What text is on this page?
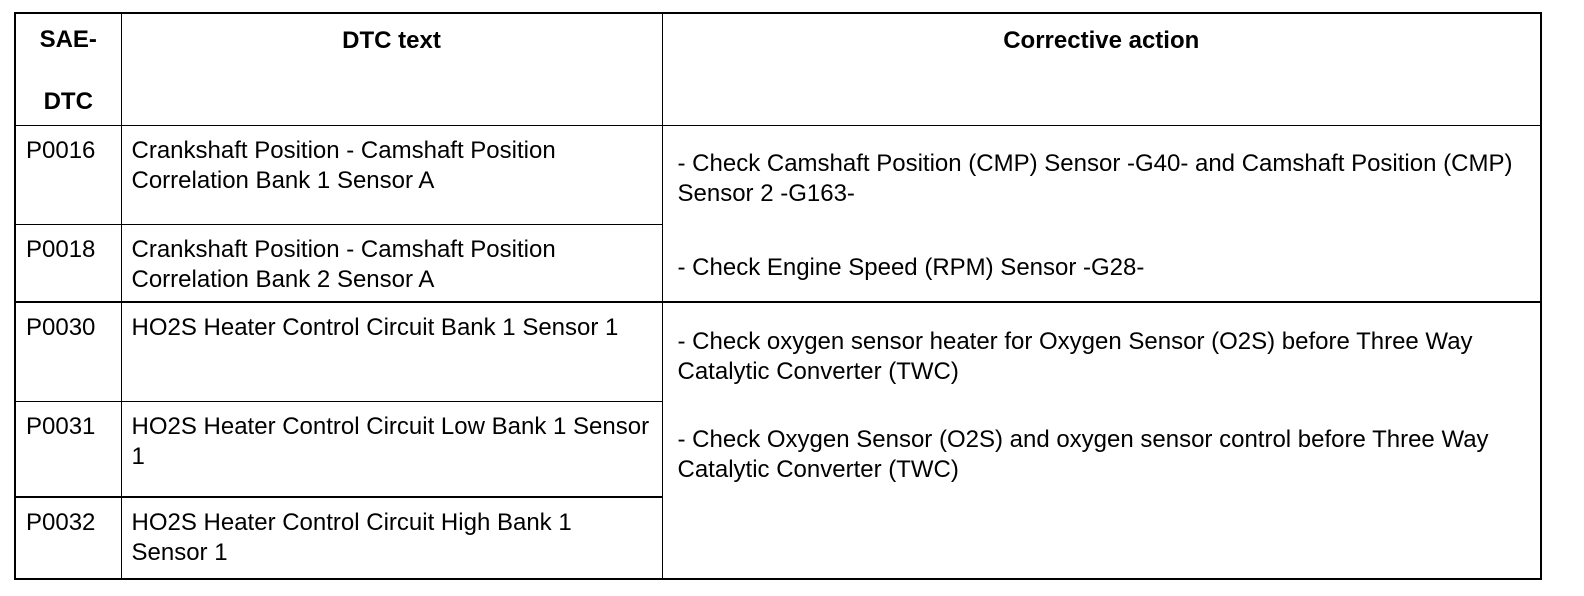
SAE-
DTC	DTC text	Corrective action
P0016	Crankshaft Position - Camshaft Position Correlation Bank 1 Sensor A	- Check Camshaft Position (CMP) Sensor -G40- and Camshaft Position (CMP) Sensor 2 -G163-
- Check Engine Speed (RPM) Sensor -G28-

P0018	Crankshaft Position - Camshaft Position Correlation Bank 2 Sensor A	
P0030	HO2S Heater Control Circuit Bank 1 Sensor 1	- Check oxygen sensor heater for Oxygen Sensor (O2S) before Three Way Catalytic Converter (TWC)
- Check Oxygen Sensor (O2S) and oxygen sensor control before Three Way Catalytic Converter (TWC)

P0031	HO2S Heater Control Circuit Low Bank 1 Sensor 1	
P0032	HO2S Heater Control Circuit High Bank 1 Sensor 1	
